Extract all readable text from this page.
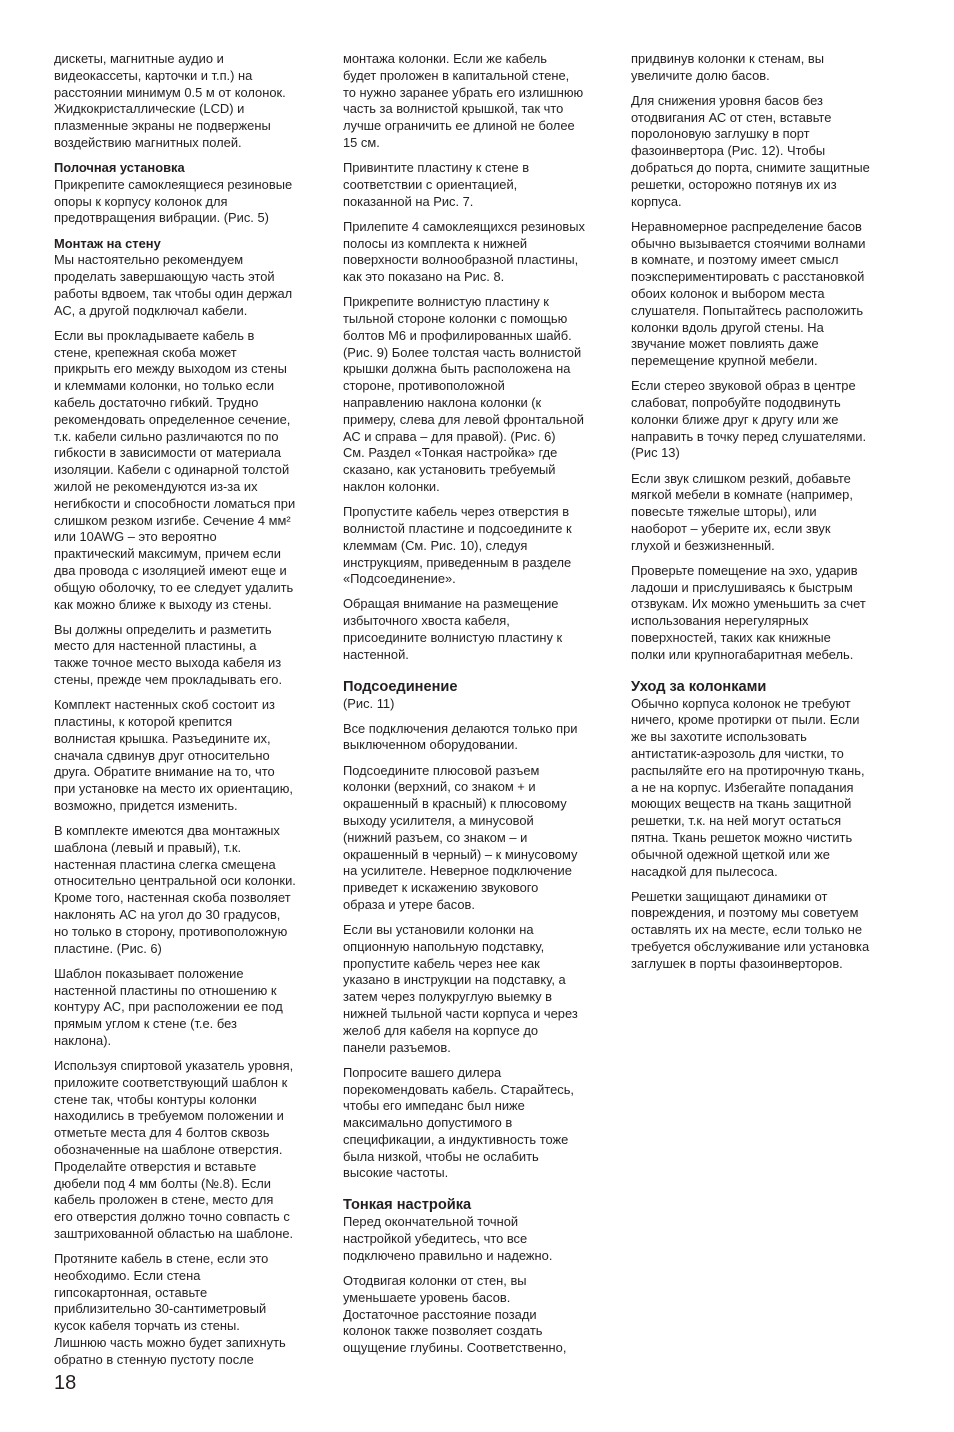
дискеты, магнитные аудио и
видеокассеты, карточки и т.п.) на
расстоянии минимум 0.5 м от колонок.
Жидкокристаллические (LCD) и
плазменные экраны не подвержены
воздействию магнитных полей.

Полочная установка

Прикрепите самоклеящиеся резиновые
опоры к корпусу колонок для
предотвращения вибрации. (Рис. 5)

Монтаж на стену

Мы настоятельно рекомендуем
проделать завершающую часть этой
работы вдвоем, так чтобы один держал
АС, а другой подключал кабели.

Если вы прокладываете кабель в
стене, крепежная скоба может
прикрыть его между выходом из стены
и клеммами колонки, но только если
кабель достаточно гибкий. Трудно
рекомендовать определенное сечение,
т.к. кабели сильно различаются по по
гибкости в зависимости от материала
изоляции. Кабели с одинарной толстой
жилой не рекомендуются из-за их
негибкости и способности ломаться при
слишком резком изгибе. Сечение 4 мм²
или 10AWG – это вероятно
практический максимум, причем если
два провода с изоляцией имеют еще и
общую оболочку, то ее следует удалить
как можно ближе к выходу из стены.

Вы должны определить и разметить
место для настенной пластины, а
также точное место выхода кабеля из
стены, прежде чем прокладывать его.

Комплект настенных скоб состоит из
пластины, к которой крепится
волнистая крышка. Разъедините их,
сначала сдвинув друг относительно
друга. Обратите внимание на то, что
при установке на место их ориентацию,
возможно, придется изменить.

В комплекте имеются два монтажных
шаблона (левый и правый), т.к.
настенная пластина слегка смещена
относительно центральной оси колонки.
Кроме того, настенная скоба позволяет
наклонять АС на угол до 30 градусов,
но только в сторону, противоположную
пластине. (Рис. 6)

Шаблон показывает положение
настенной пластины по отношению к
контуру АС, при расположении ее под
прямым углом к стене (т.е. без
наклона).

Используя спиртовой указатель уровня,
приложите соответствующий шаблон к
стене так, чтобы контуры колонки
находились в требуемом положении и
отметьте места для 4 болтов сквозь
обозначенные на шаблоне отверстия.
Проделайте отверстия и вставьте
дюбели под 4 мм болты (№.8). Если
кабель проложен в стене, место для
его отверстия должно точно совпасть с
заштрихованной областью на шаблоне.

Протяните кабель в стене, если это
необходимо. Если стена
гипсокартонная, оставьте
приблизительно 30-сантиметровый
кусок кабеля торчать из стены.
Лишнюю часть можно будет запихнуть
обратно в стенную пустоту после

монтажа колонки. Если же кабель
будет проложен в капитальной стене,
то нужно заранее убрать его излишнюю
часть за волнистой крышкой, так что
лучше ограничить ее длиной не более
15 см.

Привинтите пластину к стене в
соответствии с ориентацией,
показанной на Рис. 7.

Прилепите 4 самоклеящихся резиновых
полосы из комплекта к нижней
поверхности волнообразной пластины,
как это показано на Рис. 8.

Прикрепите волнистую пластину к
тыльной стороне колонки с помощью
болтов M6 и профилированных шайб.
(Рис. 9) Более толстая часть волнистой
крышки должна быть расположена на
стороне, противоположной
направлению наклона колонки (к
примеру, слева для левой фронтальной
АС и справа – для правой). (Рис. 6)
См. Раздел «Тонкая настройка» где
сказано, как установить требуемый
наклон колонки.

Пропустите кабель через отверстия в
волнистой пластине и подсоедините к
клеммам (См. Рис. 10), следуя
инструкциям, приведенным в разделе
«Подсоединение».

Обращая внимание на размещение
избыточного хвоста кабеля,
присоедините волнистую пластину к
настенной.

Подсоединение

(Рис. 11)

Все подключения делаются только при
выключенном оборудовании.

Подсоедините плюсовой разъем
колонки (верхний, со знаком + и
окрашенный в красный) к плюсовому
выходу усилителя, а минусовой
(нижний разъем, со знаком – и
окрашенный в черный) – к минусовому
на усилителе. Неверное подключение
приведет к искажению звукового
образа и утере басов.

Если вы установили колонки на
опционную напольную подставку,
пропустите кабель через нее как
указано в инструкции на подставку, а
затем через полукруглую выемку в
нижней тыльной части корпуса и через
желоб для кабеля на корпусе до
панели разъемов.

Попросите вашего дилера
порекомендовать кабель. Старайтесь,
чтобы его импеданс был ниже
максимально допустимого в
спецификации, а индуктивность тоже
была низкой, чтобы не ослабить
высокие частоты.

Тонкая настройка

Перед окончательной точной
настройкой убедитесь, что все
подключено правильно и надежно.

Отодвигая колонки от стен, вы
уменьшаете уровень басов.
Достаточное расстояние позади
колонок также позволяет создать
ощущение глубины. Соответственно,

придвинув колонки к стенам, вы
увеличите долю басов.

Для снижения уровня басов без
отодвигания АС от стен, вставьте
поролоновую заглушку в порт
фазоинвертора (Рис. 12). Чтобы
добраться до порта, снимите защитные
решетки, осторожно потянув их из
корпуса.

Неравномерное распределение басов
обычно вызывается стоячими волнами
в комнате, и поэтому имеет смысл
поэкспериментировать с расстановкой
обоих колонок и выбором места
слушателя. Попытайтесь расположить
колонки вдоль другой стены. На
звучание может повлиять даже
перемещение крупной мебели.

Если стерео звуковой образ в центре
слабоват, попробуйте пододвинуть
колонки ближе друг к другу или же
направить в точку перед слушателями.
(Рис 13)

Если звук слишком резкий, добавьте
мягкой мебели в комнате (например,
повесьте тяжелые шторы), или
наоборот – уберите их, если звук
глухой и безжизненный.

Проверьте помещение на эхо, ударив
ладоши и прислушиваясь к быстрым
отзвукам. Их можно уменьшить за счет
использования нерегулярных
поверхностей, таких как книжные
полки или крупногабаритная мебель.

Уход за колонками

Обычно корпуса колонок не требуют
ничего, кроме протирки от пыли. Если
же вы захотите использовать
антистатик-аэрозоль для чистки, то
распыляйте его на протирочную ткань,
а не на корпус. Избегайте попадания
моющих веществ на ткань защитной
решетки, т.к. на ней могут остаться
пятна. Ткань решеток можно чистить
обычной одежной щеткой или же
насадкой для пылесоса.

Решетки защищают динамики от
повреждения, и поэтому мы советуем
оставлять их на месте, если только не
требуется обслуживание или установка
заглушек в порты фазоинверторов.

18
